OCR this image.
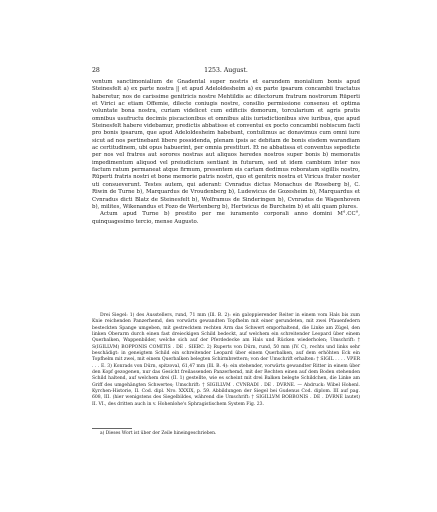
28	1253. August.

ventum sanctimonialium de Gnadental super nostris et earundem monialium bonis apud Steinesfelt a) ex parte nostra || et apud Adeloldesheim a) ex parte ipsarum concambii tractatus haberetur, nos de carissime genitricis nostre Mehtildis ac dilectorum fratrum nostrorum Rūperti et Virici ac etiam Offemie, dilecte coniugis nostre, consilio permissione consensu et optima voluntate bona nostra, curiam videlicet cum edificiis domorum, torcularium et agris pratis omnibus usufructu decimis piscacionibus et omnibus aliis iurisdictionibus sive iuribus, que apud Steinesfelt habere videbamur, predictis abbatisse et conventui ex pocto concambii nobiscum facti pro bonis ipsarum, que apud Adeloldesheim habebant, contulimus ac donavimus cum omni iure sicut ad nos pertinebant libere possidenda, plenam ipsis ac debitam de bonis eisdem warandiam ac certitudinem, ubi opus habuerint, per omnia prestituri. Et ne abbatissa et conventus sepedicte per nos vel fratres aut sorores nostras aut aliquos heredes nostros super bonis b) memoratis impedimentum aliquod vel preiudicium sentiant in futurum, sed ut idem cambium inter nos factum ratum permaneat atque firmum, presentem eis cartam dedimus roboratam sigillis nostro, Rūperti fratris nostri et bone memorie patris nostri, quo et genitrix nostra et Viricus frater noster uti consueverunt. Testes autem, qui aderant: Cvnradus dictus Monachus de Roseberg b), C. Riwin de Turne b), Marquardus de Vroudenberg b), Ludewicus de Gozesheim b), Marquardus et Cvnradus dicti Blatz de Steinesfelt b), Wolframus de Sinderingen b), Cvnradus de Wagenhoven b), milites, Wikenandus et Fozo de Wertenberg b), Hertwicus de Burcheim b) et alii quam plures.

Actum apud Turne b) prestito per me iuramento corporali anno domini M°.CC°, quinquagesimo tercio, mense Augusto.

Drei Siegel: 1) des Ausstellers, rund, 71 mm (Ill. B. 2): ein galoppierender Reiter in einem vom Hals bis zum Knie reichenden Panzerhemd, den vorwärts gewandten Topfhelm mit einer gerundeten, mit zwei Pfauenfedern besteckten Spange umgeben, mit gestrecktem rechten Arm das Schwert emporhaltend, die Linke am Zügel, den linken Oberarm durch einen fast dreieckigen Schild bedeckt, auf welchem ein schreitender Leopard über einem Querbalken, Wappenbilder, welche sich auf der Pferdedecke am Hals und Rücken wiederholen; Umschrift: † S(IGILLVM) BOPPONIS COMITIS . DE . SIEBC. 2) Ruperts von Dürn, rund, 50 mm (IV. C), rechts und links sehr beschädigt: in geneigtem Schild ein schreitender Leopard über einem Querbalken, auf dem erhöhten Eck ein Topfhelm mit zwei, mit einem Querbalken belegten Schirmbrettern; von der Umschrift erhalten: † SIGIL . . . . VPER . . . E. 3) Konrads von Dürn, spitzoval, 61,47 mm (Ill. B. 4): ein stehender, vorwärts gewandter Ritter in einem über den Kopf gezogenen, nur das Gesicht freilassenden Panzerhemd, mit der Rechten einen auf dem Boden stehenden Schild haltend, auf welchem drei (II. 1) gestellte, wie es scheint mit drei Balken belegte Schildchen, die Linke am Griff des umgehängten Schwertes; Umschrift: † SIGILLVM . CVNRADI . DE . DVRNE. — Abdruck: Wibel Hohenl. Kyrchen-Historie, II. Cod. dipl. Nro. XXXIX, p. 59. Abbildungen der Siegel bei Gudenus Cod. diplom. III auf pag. 608, III. (hier wenigstens des Siegelbildes, während die Umschrift: † SIGILLVM BOBBONIS . DE . DVRNE lautet) II. VI., des dritten auch in v. Hohenlohe's Sphragistischem System Fig. 23.

a) Dieses Wort ist über der Zeile hineingeschrieben.
